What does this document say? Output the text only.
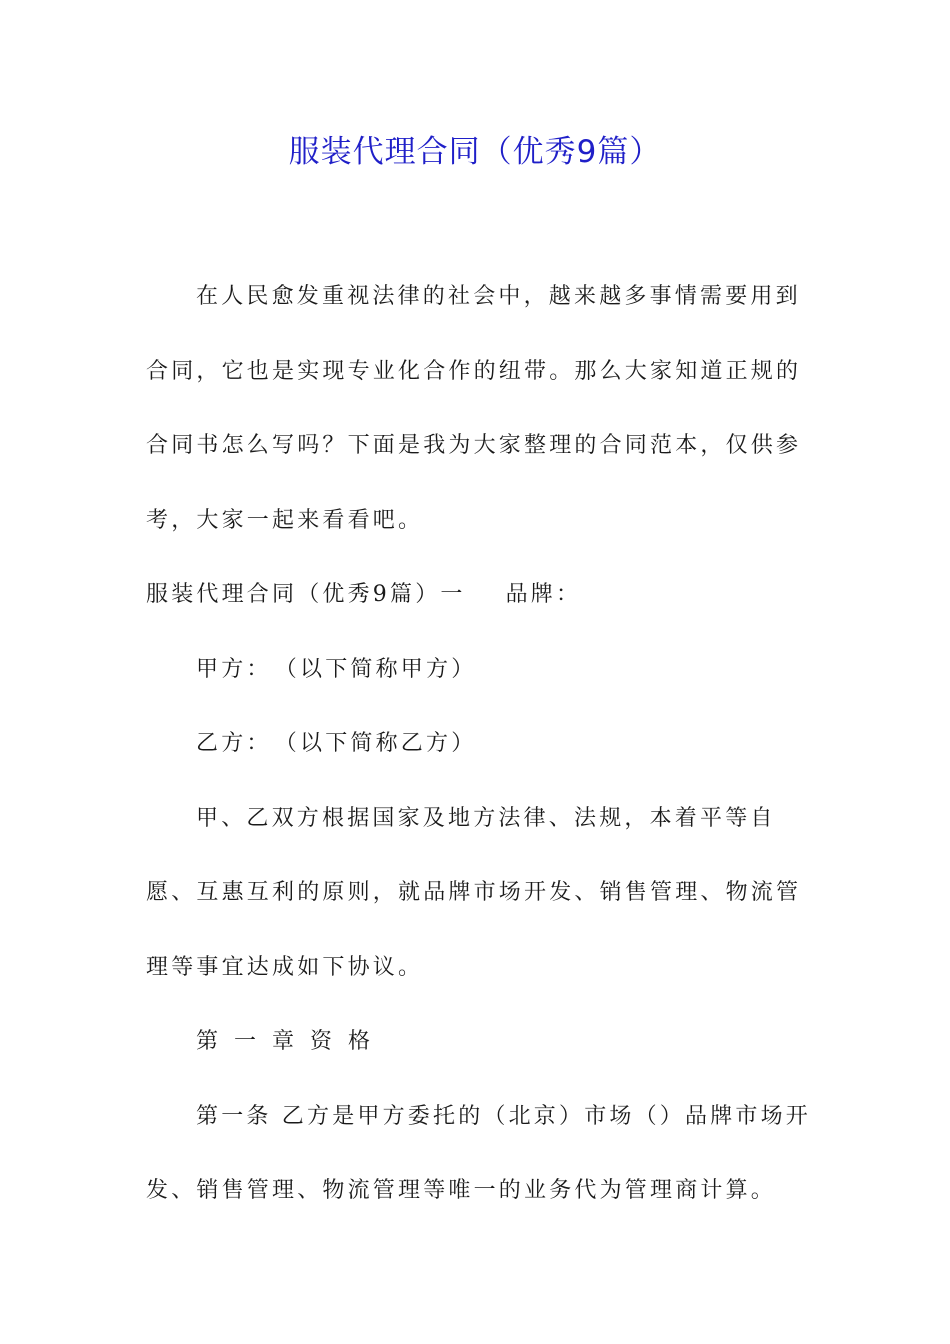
服装代理合同（优秀9篇）

在人民愈发重视法律的社会中，越来越多事情需要用到合同，它也是实现专业化合作的纽带。那么大家知道正规的合同书怎么写吗？下面是我为大家整理的合同范本，仅供参考，大家一起来看看吧。

服装代理合同（优秀9篇）一 品牌：

甲方：　（以下简称甲方）

乙方：　（以下简称乙方）

甲、乙双方根据国家及地方法律、法规，本着平等自愿、互惠互利的原则，就品牌市场开发、销售管理、物流管理等事宜达成如下协议。

第一章资格

第一条 乙方是甲方委托的（北京）市场（）品牌市场开发、销售管理、物流管理等唯一的业务代为管理商计算。
